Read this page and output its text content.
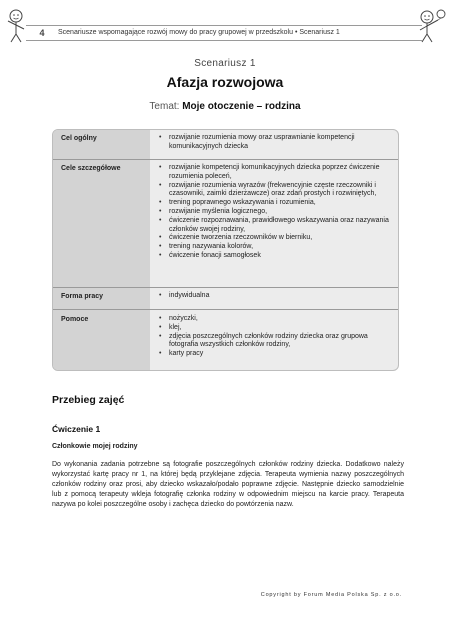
4	Scenariusze wspomagające rozwój mowy do pracy grupowej w przedszkolu • Scenariusz 1
Scenariusz 1
Afazja rozwojowa
Temat: Moje otoczenie – rodzina
Cel ogólny	• rozwijanie rozumienia mowy oraz usprawnianie kompetencji komunikacyjnych dziecka
Cele szczegółowe	• rozwijanie kompetencji komunikacyjnych dziecka poprzez ćwiczenie rozumienia poleceń,
• rozwijanie rozumienia wyrazów (frekwencyjnie częste rzeczowniki i czasowniki, zaimki dzierżawcze) oraz zdań prostych i rozwiniętych,
• trening poprawnego wskazywania i rozumienia,
• rozwijanie myślenia logicznego,
• ćwiczenie rozpoznawania, prawidłowego wskazywania oraz nazywania członków swojej rodziny,
• ćwiczenie tworzenia rzeczowników w bierniku,
• trening nazywania kolorów,
• ćwiczenie fonacji samogłosek
Forma pracy	• indywidualna
Pomoce	• nożyczki,
• klej,
• zdjęcia poszczególnych członków rodziny dziecka oraz grupowa fotografia wszystkich członków rodziny,
• karty pracy
Przebieg zajęć
Ćwiczenie 1
Członkowie mojej rodziny
Do wykonania zadania potrzebne są fotografie poszczególnych członków rodziny dziecka. Dodatkowo należy wykorzystać kartę pracy nr 1, na której będą przyklejane zdjęcia. Terapeuta wymienia nazwy poszczególnych członków rodziny oraz prosi, aby dziecko wskazało/podało poprawne zdjęcie. Następnie dziecko samodzielnie lub z pomocą terapeuty wkleja fotografię członka rodziny w odpowiednim miejscu na karcie pracy. Terapeuta nazywa po kolei poszczególne osoby i zachęca dziecko do powtórzenia nazw.
Copyright by Forum Media Polska Sp. z o.o.
